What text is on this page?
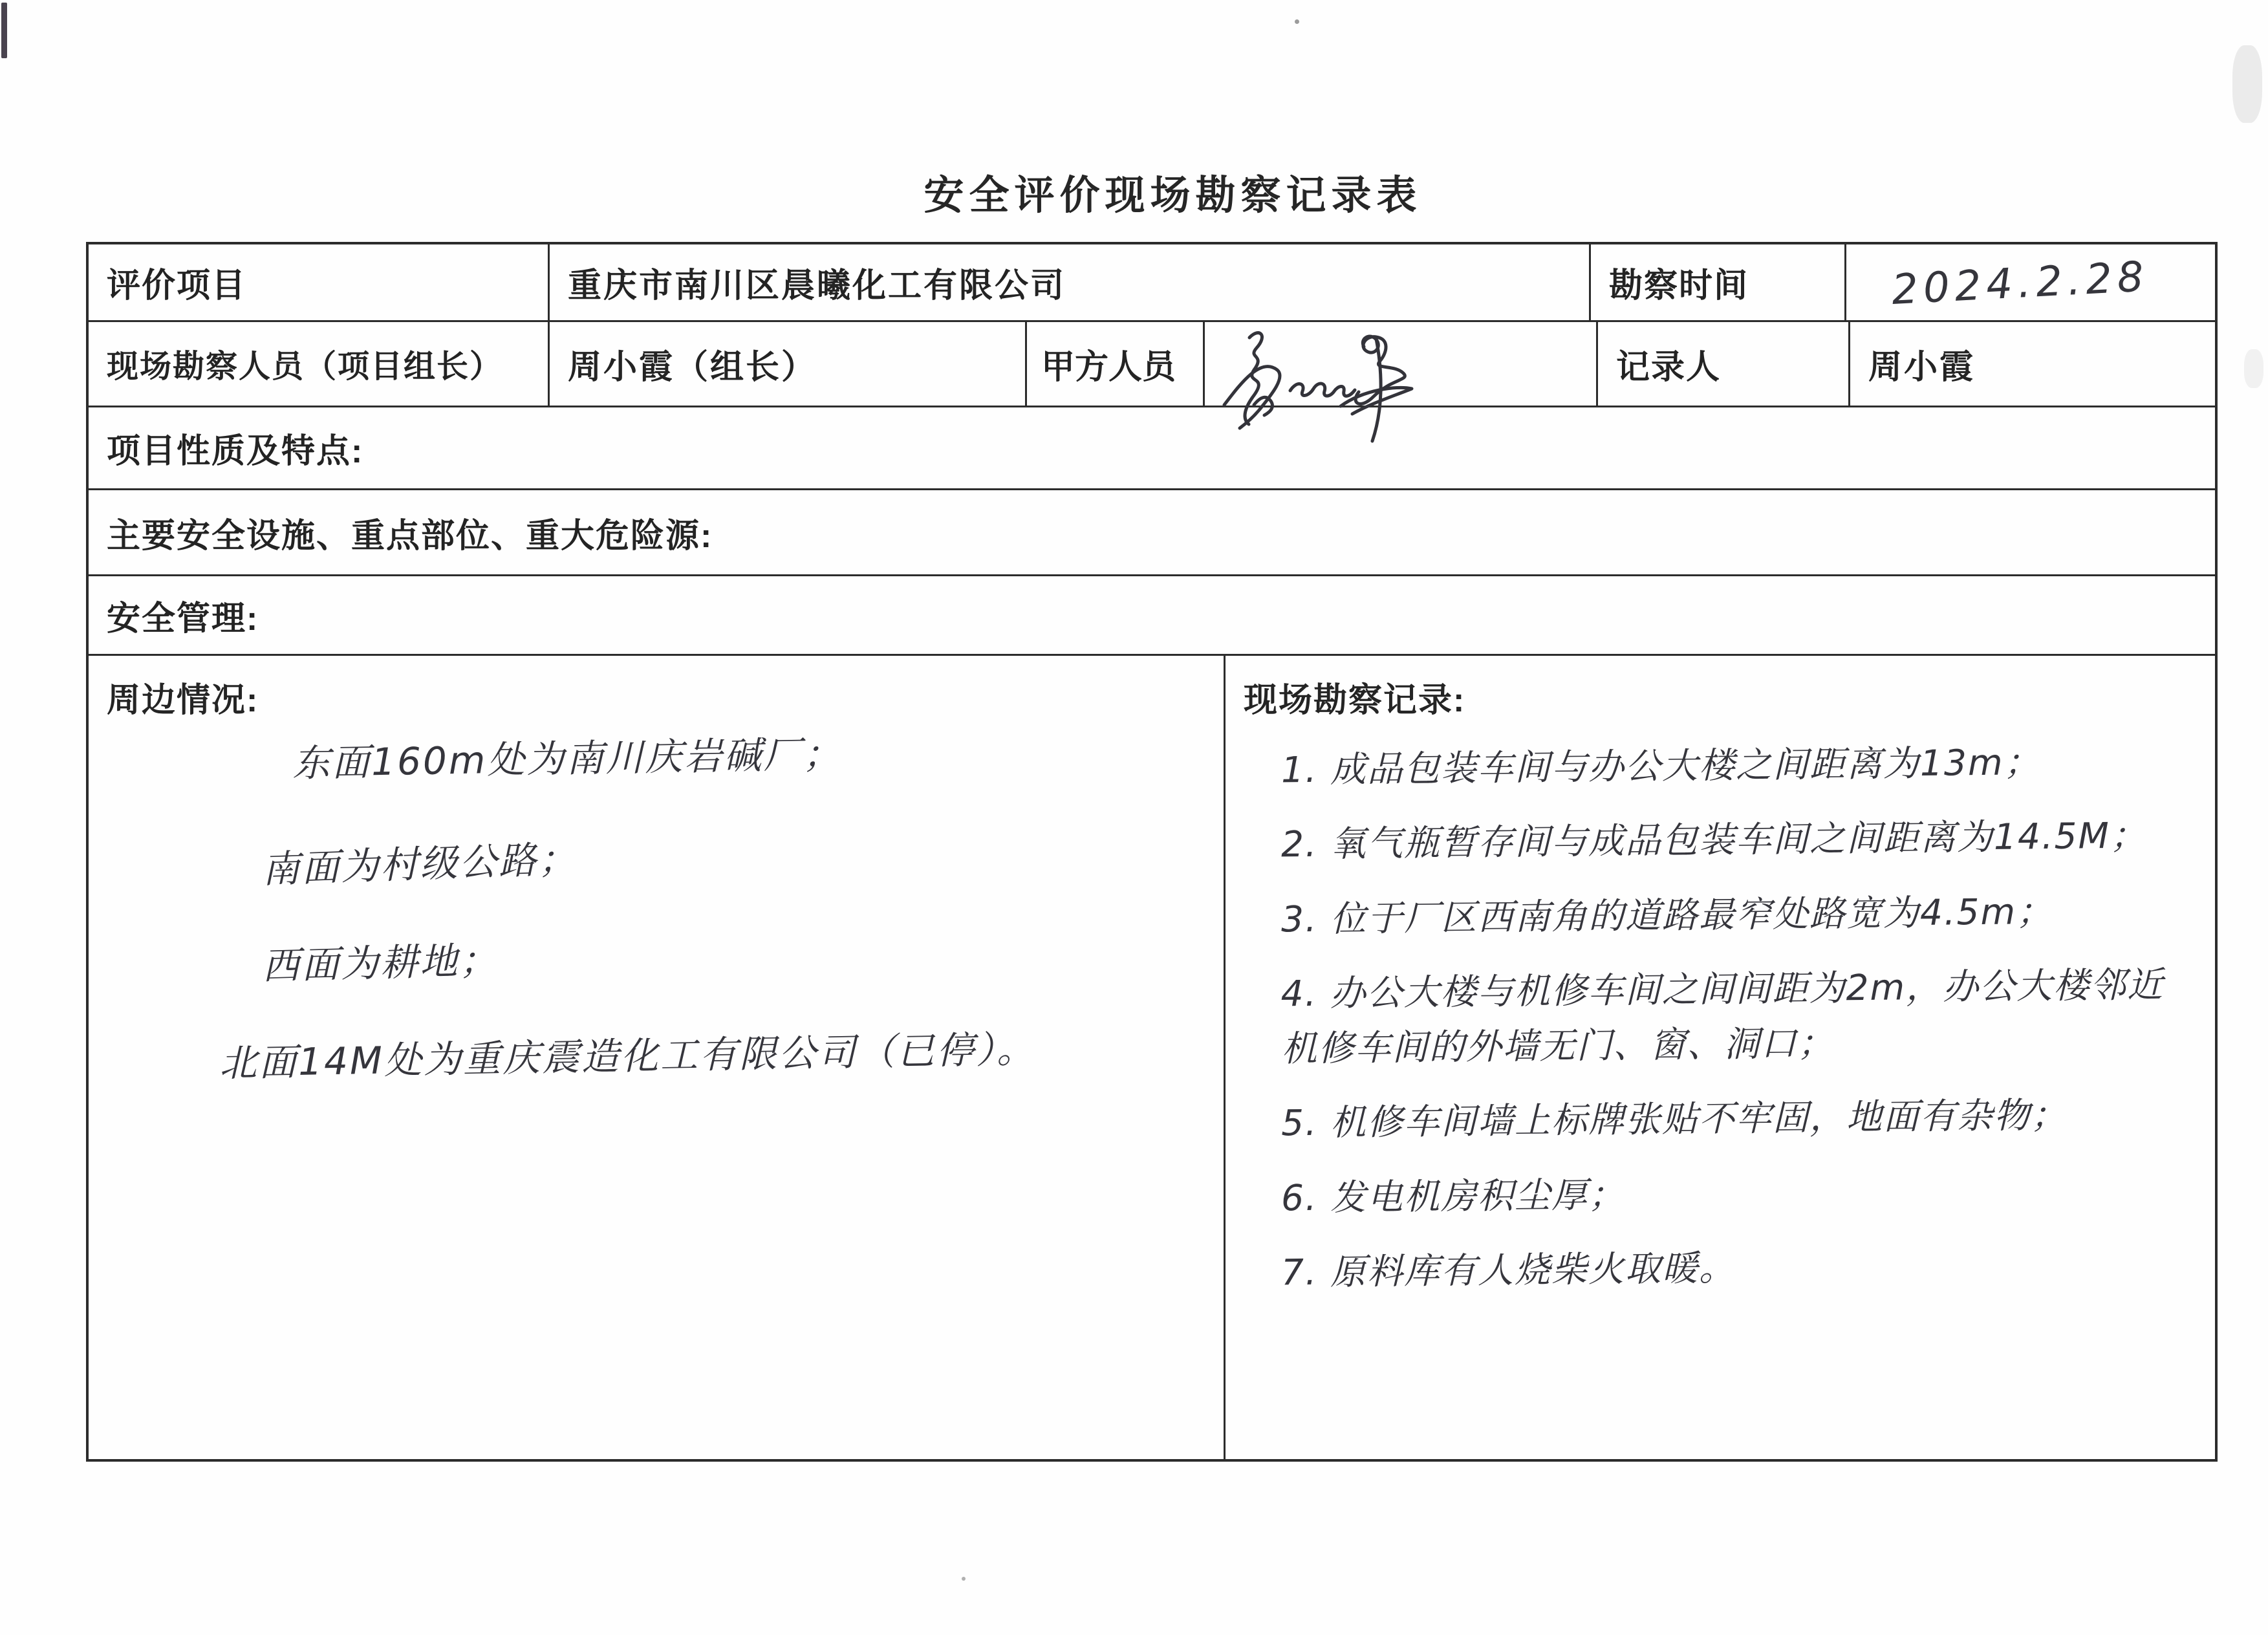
安全评价现场勘察记录表
评价项目	重庆市南川区晨曦化工有限公司	勘察时间	2024.2.28
现场勘察人员（项目组长） 周小霞（组长）	甲方人员	记录人	周小霞
项目性质及特点:
主要安全设施、重点部位、重大危险源:
安全管理:
周边情况:
东面160m处为南川庆岩碱厂；
南面为村级公路；
西面为耕地；
北面14M处为重庆震造化工有限公司（已停）。
现场勘察记录:
1. 成品包装车间与办公大楼之间距离为13m；
2. 氧气瓶暂存间与成品包装车间之间距离为14.5M；
3. 位于厂区西南角的道路最窄处路宽为4.5m；
4. 办公大楼与机修车间之间间距为2m，办公大楼邻近机修车间的外墙无门、窗、洞口；
5. 机修车间墙上标牌张贴不牢固，地面有杂物；
6. 发电机房积尘厚；
7. 原料库有人烧柴火取暖。
